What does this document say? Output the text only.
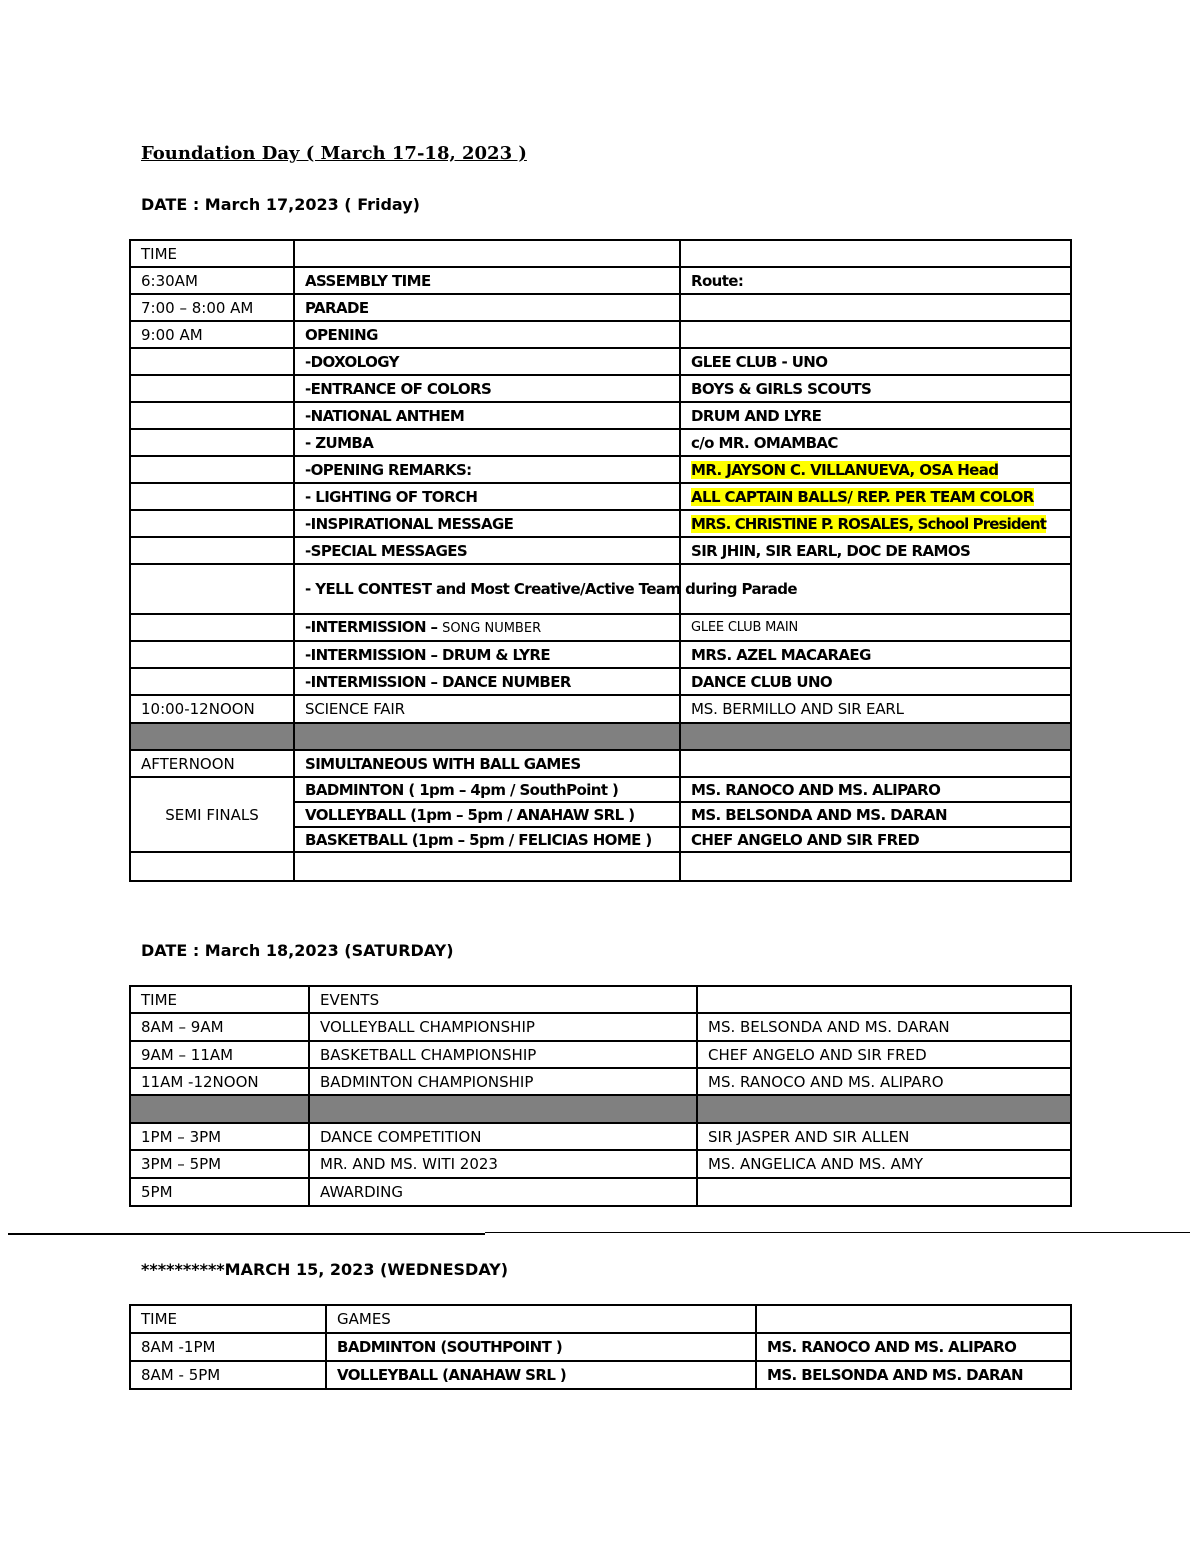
Foundation Day ( March 17-18, 2023 )
DATE : March 17,2023 ( Friday)
TIME		
6:30AM	ASSEMBLY TIME	Route:
7:00 – 8:00 AM	PARADE	
9:00 AM	OPENING	
	-DOXOLOGY	GLEE CLUB - UNO
	-ENTRANCE OF COLORS	BOYS & GIRLS SCOUTS
	-NATIONAL ANTHEM	DRUM AND LYRE
	- ZUMBA	c/o MR. OMAMBAC
	-OPENING REMARKS:	MR. JAYSON C. VILLANUEVA, OSA Head
	- LIGHTING OF TORCH	ALL CAPTAIN BALLS/ REP. PER TEAM COLOR
	-INSPIRATIONAL MESSAGE	MRS. CHRISTINE P. ROSALES, School President
	-SPECIAL MESSAGES	SIR JHIN, SIR EARL, DOC DE RAMOS
	- YELL CONTEST and Most Creative/Active Team during Parade	
	-INTERMISSION – SONG NUMBER	GLEE CLUB MAIN
	-INTERMISSION – DRUM & LYRE	MRS. AZEL MACARAEG
	-INTERMISSION – DANCE NUMBER	DANCE CLUB UNO
10:00-12NOON	SCIENCE FAIR	MS. BERMILLO AND SIR EARL

AFTERNOON	SIMULTANEOUS WITH BALL GAMES	
SEMI FINALS	BADMINTON ( 1pm – 4pm / SouthPoint )	MS. RANOCO AND MS. ALIPARO
	VOLLEYBALL (1pm – 5pm / ANAHAW SRL )	MS. BELSONDA AND MS. DARAN
	BASKETBALL (1pm – 5pm / FELICIAS HOME )	CHEF ANGELO AND SIR FRED

DATE : March 18,2023 (SATURDAY)
TIME	EVENTS	
8AM – 9AM	VOLLEYBALL CHAMPIONSHIP	MS. BELSONDA AND MS. DARAN
9AM – 11AM	BASKETBALL CHAMPIONSHIP	CHEF ANGELO AND SIR FRED
11AM -12NOON	BADMINTON CHAMPIONSHIP	MS. RANOCO AND MS. ALIPARO

1PM – 3PM	DANCE COMPETITION	SIR JASPER AND SIR ALLEN
3PM – 5PM	MR. AND MS. WITI 2023	MS. ANGELICA AND MS. AMY
5PM	AWARDING	
**********MARCH 15, 2023 (WEDNESDAY)
TIME	GAMES	
8AM -1PM	BADMINTON (SOUTHPOINT )	MS. RANOCO AND MS. ALIPARO
8AM - 5PM	VOLLEYBALL (ANAHAW SRL )	MS. BELSONDA AND MS. DARAN
